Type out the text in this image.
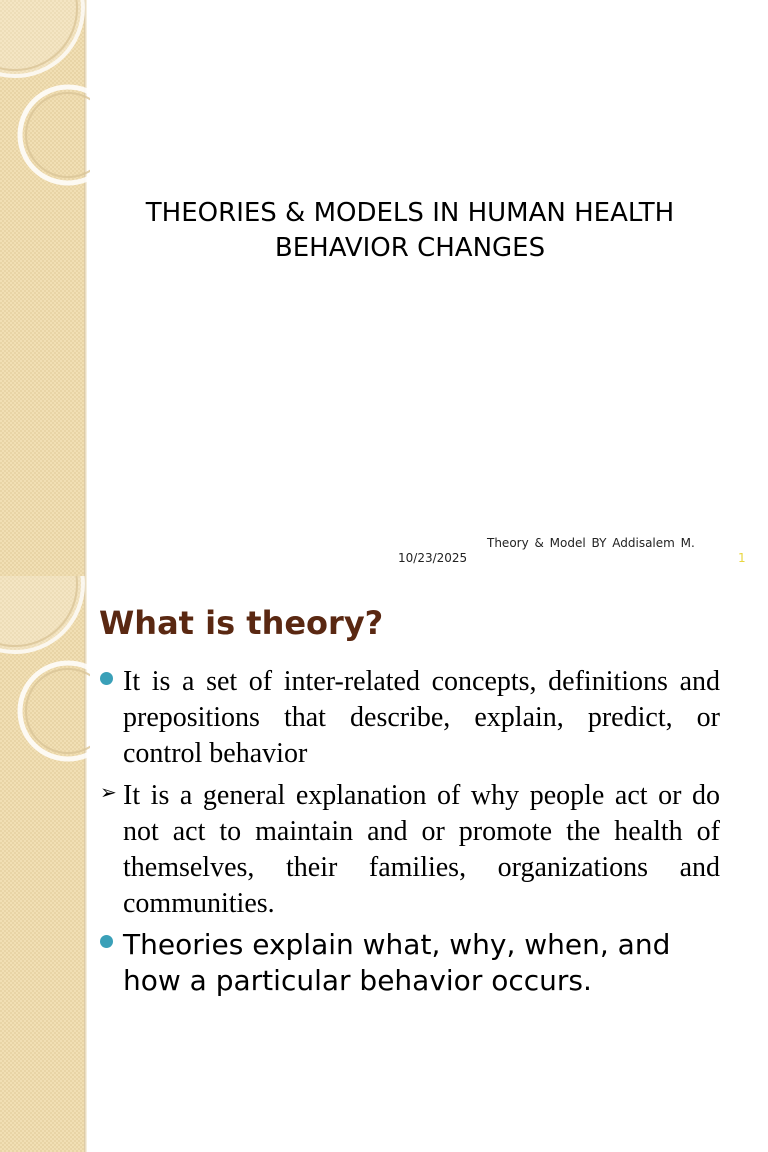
THEORIES & MODELS IN HUMAN HEALTH
BEHAVIOR CHANGES
10/23/2025
Theory & Model BY Addisalem M.
1
What is theory?
It is a set of inter-related concepts, definitions and prepositions that describe, explain, predict, or control behavior
➢ It is a general explanation of why people act or do not act to maintain and or promote the health of themselves, their families, organizations and communities.
Theories explain what, why, when, and how a particular behavior occurs.
